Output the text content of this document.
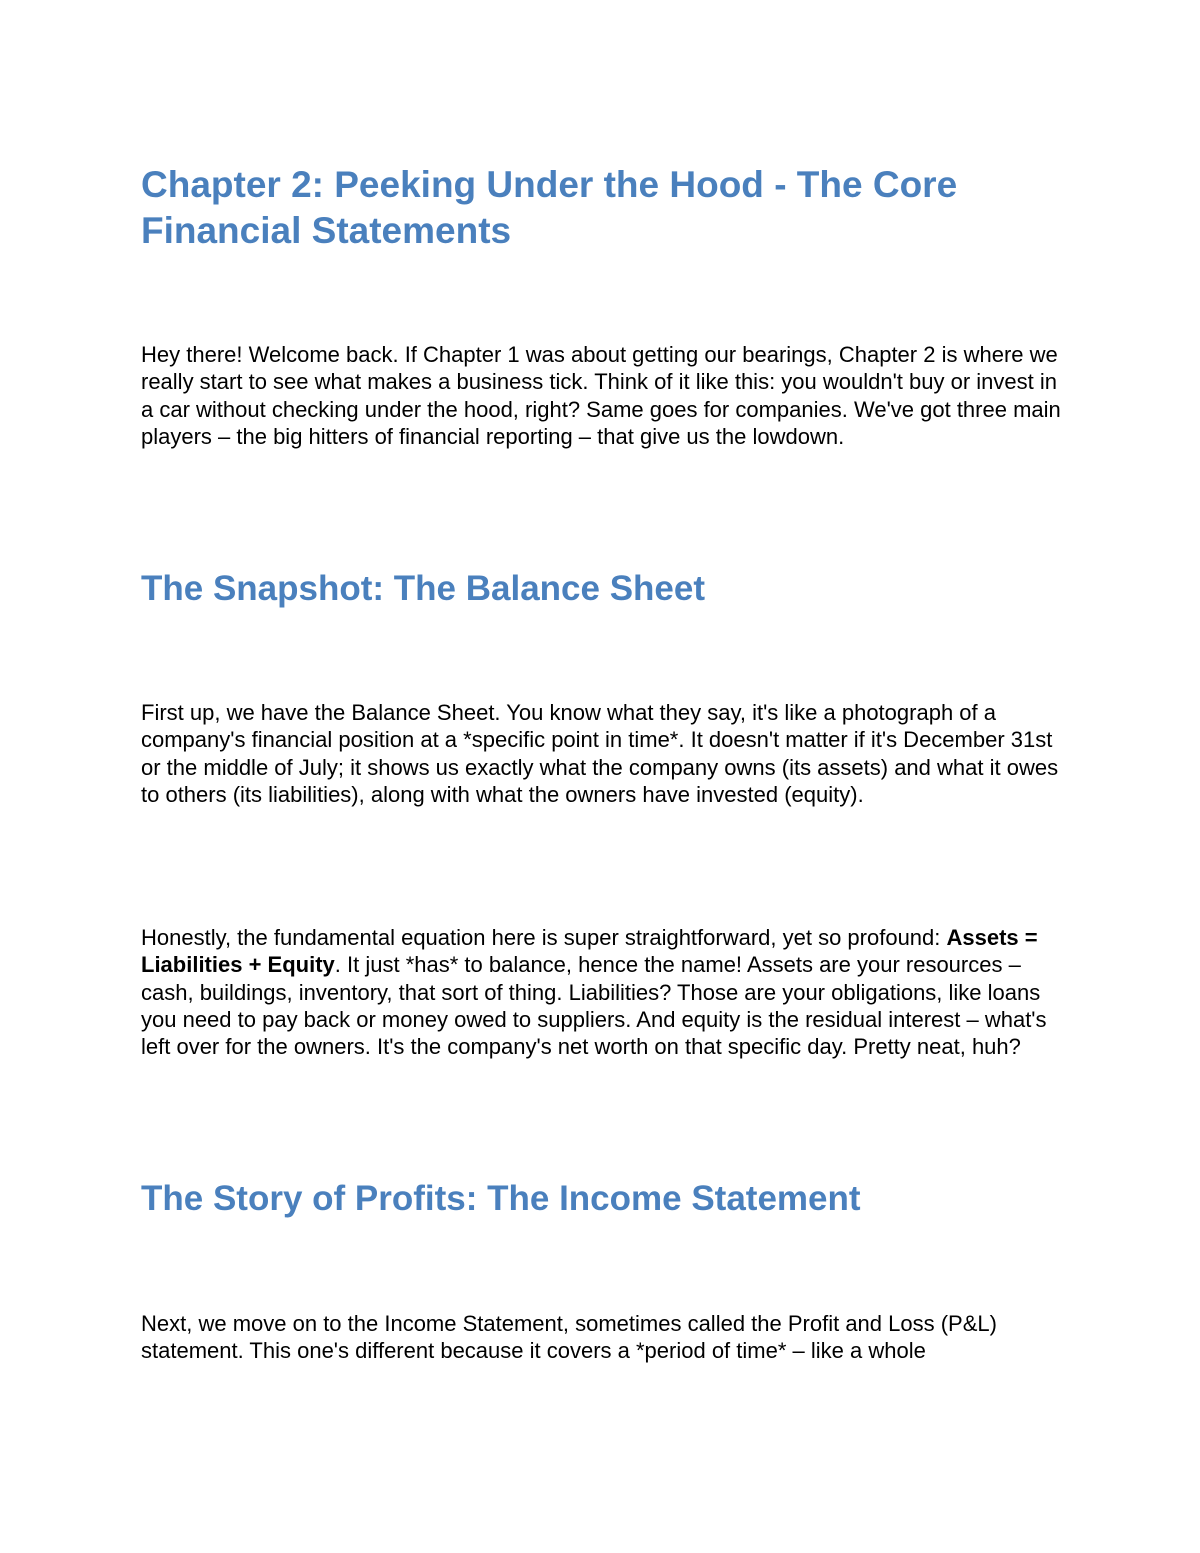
Chapter 2: Peeking Under the Hood - The Core Financial Statements

Hey there! Welcome back. If Chapter 1 was about getting our bearings, Chapter 2 is where we really start to see what makes a business tick. Think of it like this: you wouldn't buy or invest in a car without checking under the hood, right? Same goes for companies. We've got three main players – the big hitters of financial reporting – that give us the lowdown.

The Snapshot: The Balance Sheet

First up, we have the Balance Sheet. You know what they say, it's like a photograph of a company's financial position at a *specific point in time*. It doesn't matter if it's December 31st or the middle of July; it shows us exactly what the company owns (its assets) and what it owes to others (its liabilities), along with what the owners have invested (equity).

Honestly, the fundamental equation here is super straightforward, yet so profound: Assets = Liabilities + Equity. It just *has* to balance, hence the name! Assets are your resources – cash, buildings, inventory, that sort of thing. Liabilities? Those are your obligations, like loans you need to pay back or money owed to suppliers. And equity is the residual interest – what's left over for the owners. It's the company's net worth on that specific day. Pretty neat, huh?

The Story of Profits: The Income Statement

Next, we move on to the Income Statement, sometimes called the Profit and Loss (P&L) statement. This one's different because it covers a *period of time* – like a whole
